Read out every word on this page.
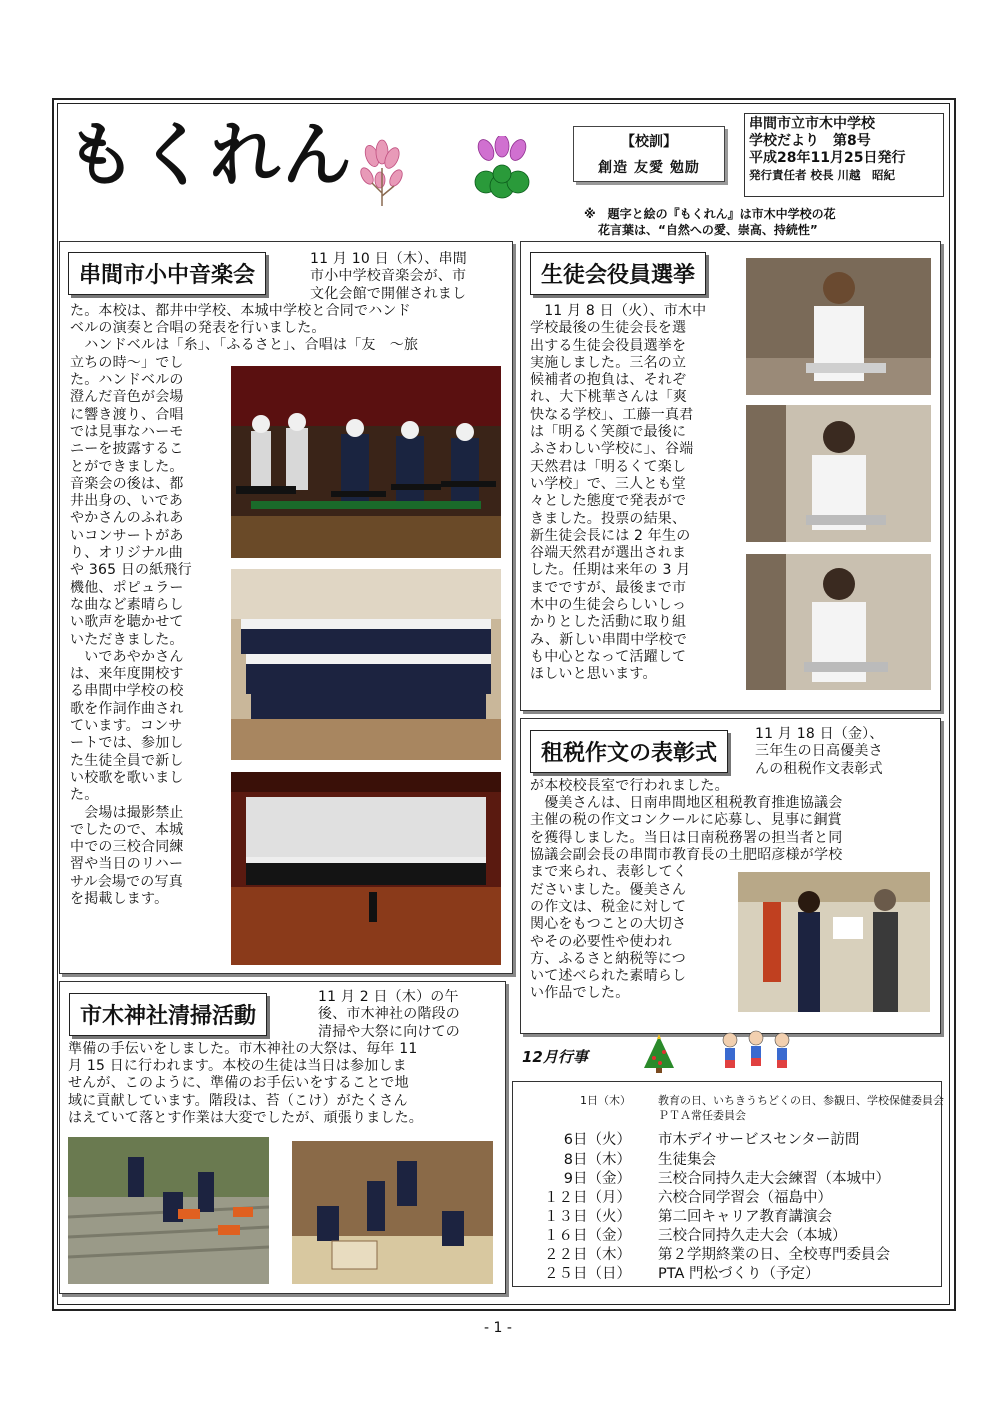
もくれん	【校訓】
創造 友愛 勉励
串間市立市木中学校
学校だより　第8号
平成28年11月25日発行
発行責任者 校長 川越　昭紀
※　題字と絵の『もくれん』は市木中学校の花
花言葉は、“自然への愛、崇高、持続性”
串間市小中音楽会
11 月 10 日（木）、串間
市小中学校音楽会が、市
文化会館で開催されまし
た。本校は、都井中学校、本城中学校と合同でハンド
ベルの演奏と合唱の発表を行いました。
　ハンドベルは「糸」、「ふるさと」、合唱は「友　～旅
立ちの時～」でし
た。ハンドベルの
澄んだ音色が会場
に響き渡り、合唱
では見事なハーモ
ニーを披露するこ
とができました。
音楽会の後は、都
井出身の、いであ
やかさんのふれあ
いコンサートがあ
り、オリジナル曲
や 365 日の紙飛行
機他、ポピュラー
な曲など素晴らし
い歌声を聴かせて
いただきました。
　いであやかさん
は、来年度開校す
る串間中学校の校
歌を作詞作曲され
ています。コンサ
ートでは、参加し
た生徒全員で新し
い校歌を歌いまし
た。
　会場は撮影禁止
でしたので、本城
中での三校合同練
習や当日のリハー
サル会場での写真
を掲載します。
生徒会役員選挙
　11 月 8 日（火）、市木中
学校最後の生徒会長を選
出する生徒会役員選挙を
実施しました。三名の立
候補者の抱負は、それぞ
れ、大下桃華さんは「爽
快なる学校」、工藤一真君
は「明るく笑顔で最後に
ふさわしい学校に」、谷端
天然君は「明るくて楽し
い学校」で、三人とも堂
々とした態度で発表がで
きました。投票の結果、
新生徒会長には 2 年生の
谷端天然君が選出されま
した。任期は来年の 3 月
までですが、最後まで市
木中の生徒会らしいしっ
かりとした活動に取り組
み、新しい串間中学校で
も中心となって活躍して
ほしいと思います。
租税作文の表彰式
11 月 18 日（金）、
三年生の日高優美さ
んの租税作文表彰式
が本校校長室で行われました。
　優美さんは、日南串間地区租税教育推進協議会
主催の税の作文コンクールに応募し、見事に銅賞
を獲得しました。当日は日南税務署の担当者と同
協議会副会長の串間市教育長の土肥昭彦様が学校
まで来られ、表彰してく
ださいました。優美さん
の作文は、税金に対して
関心をもつことの大切さ
やその必要性や使われ
方、ふるさと納税等につ
いて述べられた素晴らし
い作品でした。
市木神社清掃活動
11 月 2 日（木）の午
後、市木神社の階段の
清掃や大祭に向けての
準備の手伝いをしました。市木神社の大祭は、毎年 11
月 15 日に行われます。本校の生徒は当日は参加しま
せんが、このように、準備のお手伝いをすることで地
域に貢献しています。階段は、苔（こけ）がたくさん
はえていて落とす作業は大変でしたが、頑張りました。
12月行事
1日（木） 教育の日、いちきうちどくの日、参観日、学校保健委員会
ＰＴＡ常任委員会
6日（火） 市木デイサービスセンター訪問
8日（木） 生徒集会
9日（金） 三校合同持久走大会練習（本城中）
１２日（月） 六校合同学習会（福島中）
１３日（火） 第二回キャリア教育講演会
１６日（金） 三校合同持久走大会（本城）
２２日（木） 第２学期終業の日、全校専門委員会
２５日（日） PTA 門松づくり（予定）
- 1 -
